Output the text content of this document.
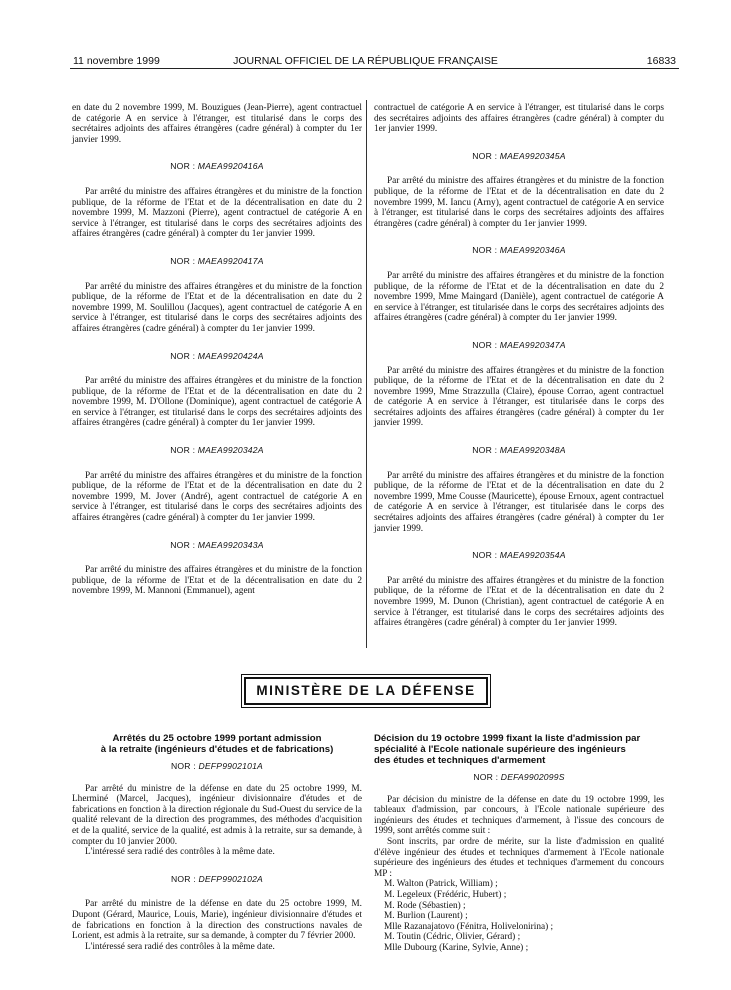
11 novembre 1999	JOURNAL OFFICIEL DE LA RÉPUBLIQUE FRANÇAISE	16833

en date du 2 novembre 1999, M. Bouzigues (Jean-Pierre), agent contractuel de catégorie A en service à l'étranger, est titularisé dans le corps des secrétaires adjoints des affaires étrangères (cadre général) à compter du 1er janvier 1999.

NOR : MAEA9920416A

Par arrêté du ministre des affaires étrangères et du ministre de la fonction publique, de la réforme de l'Etat et de la décentralisation en date du 2 novembre 1999, M. Mazzoni (Pierre), agent contractuel de catégorie A en service à l'étranger, est titularisé dans le corps des secrétaires adjoints des affaires étrangères (cadre général) à compter du 1er janvier 1999.

NOR : MAEA9920417A

Par arrêté du ministre des affaires étrangères et du ministre de la fonction publique, de la réforme de l'Etat et de la décentralisation en date du 2 novembre 1999, M. Soulillou (Jacques), agent contractuel de catégorie A en service à l'étranger, est titularisé dans le corps des secrétaires adjoints des affaires étrangères (cadre général) à compter du 1er janvier 1999.

NOR : MAEA9920424A

Par arrêté du ministre des affaires étrangères et du ministre de la fonction publique, de la réforme de l'Etat et de la décentralisation en date du 2 novembre 1999, M. D'Ollone (Dominique), agent contractuel de catégorie A en service à l'étranger, est titularisé dans le corps des secrétaires adjoints des affaires étrangères (cadre général) à compter du 1er janvier 1999.

NOR : MAEA9920342A

Par arrêté du ministre des affaires étrangères et du ministre de la fonction publique, de la réforme de l'Etat et de la décentralisation en date du 2 novembre 1999, M. Jover (André), agent contractuel de catégorie A en service à l'étranger, est titularisé dans le corps des secrétaires adjoints des affaires étrangères (cadre général) à compter du 1er janvier 1999.

NOR : MAEA9920343A

Par arrêté du ministre des affaires étrangères et du ministre de la fonction publique, de la réforme de l'Etat et de la décentralisation en date du 2 novembre 1999, M. Mannoni (Emmanuel), agent

contractuel de catégorie A en service à l'étranger, est titularisé dans le corps des secrétaires adjoints des affaires étrangères (cadre général) à compter du 1er janvier 1999.

NOR : MAEA9920345A

Par arrêté du ministre des affaires étrangères et du ministre de la fonction publique, de la réforme de l'Etat et de la décentralisation en date du 2 novembre 1999, M. Iancu (Arny), agent contractuel de catégorie A en service à l'étranger, est titularisé dans le corps des secrétaires adjoints des affaires étrangères (cadre général) à compter du 1er janvier 1999.

NOR : MAEA9920346A

Par arrêté du ministre des affaires étrangères et du ministre de la fonction publique, de la réforme de l'Etat et de la décentralisation en date du 2 novembre 1999, Mme Maingard (Danièle), agent contractuel de catégorie A en service à l'étranger, est titularisée dans le corps des secrétaires adjoints des affaires étrangères (cadre général) à compter du 1er janvier 1999.

NOR : MAEA9920347A

Par arrêté du ministre des affaires étrangères et du ministre de la fonction publique, de la réforme de l'Etat et de la décentralisation en date du 2 novembre 1999, Mme Strazzulla (Claire), épouse Corrao, agent contractuel de catégorie A en service à l'étranger, est titularisée dans le corps des secrétaires adjoints des affaires étrangères (cadre général) à compter du 1er janvier 1999.

NOR : MAEA9920348A

Par arrêté du ministre des affaires étrangères et du ministre de la fonction publique, de la réforme de l'Etat et de la décentralisation en date du 2 novembre 1999, Mme Cousse (Mauricette), épouse Ernoux, agent contractuel de catégorie A en service à l'étranger, est titularisée dans le corps des secrétaires adjoints des affaires étrangères (cadre général) à compter du 1er janvier 1999.

NOR : MAEA9920354A

Par arrêté du ministre des affaires étrangères et du ministre de la fonction publique, de la réforme de l'Etat et de la décentralisation en date du 2 novembre 1999, M. Dunon (Christian), agent contractuel de catégorie A en service à l'étranger, est titularisé dans le corps des secrétaires adjoints des affaires étrangères (cadre général) à compter du 1er janvier 1999.

MINISTÈRE DE LA DÉFENSE
Arrêtés du 25 octobre 1999 portant admission
à la retraite (ingénieurs d'études et de fabrications)
NOR : DEFP9902101A

Par arrêté du ministre de la défense en date du 25 octobre 1999, M. Lherminé (Marcel, Jacques), ingénieur divisionnaire d'études et de fabrications en fonction à la direction régionale du Sud-Ouest du service de la qualité relevant de la direction des programmes, des méthodes d'acquisition et de la qualité, service de la qualité, est admis à la retraite, sur sa demande, à compter du 10 janvier 2000.

L'intéressé sera radié des contrôles à la même date.

NOR : DEFP9902102A

Par arrêté du ministre de la défense en date du 25 octobre 1999, M. Dupont (Gérard, Maurice, Louis, Marie), ingénieur divisionnaire d'études et de fabrications en fonction à la direction des constructions navales de Lorient, est admis à la retraite, sur sa demande, à compter du 7 février 2000.

L'intéressé sera radié des contrôles à la même date.

Décision du 19 octobre 1999 fixant la liste d'admission par
spécialité à l'Ecole nationale supérieure des ingénieurs
des études et techniques d'armement
NOR : DEFA9902099S

Par décision du ministre de la défense en date du 19 octobre 1999, les tableaux d'admission, par concours, à l'Ecole nationale supérieure des ingénieurs des études et techniques d'armement, à l'issue des concours de 1999, sont arrêtés comme suit :

Sont inscrits, par ordre de mérite, sur la liste d'admission en qualité d'élève ingénieur des études et techniques d'armement à l'Ecole nationale supérieure des ingénieurs des études et techniques d'armement du concours MP :

M. Walton (Patrick, William) ;

M. Legeleux (Frédéric, Hubert) ;

M. Rode (Sébastien) ;

M. Burlion (Laurent) ;

Mlle Razanajatovo (Fénitra, Holivelonirina) ;

M. Toutin (Cédric, Olivier, Gérard) ;

Mlle Dubourg (Karine, Sylvie, Anne) ;
